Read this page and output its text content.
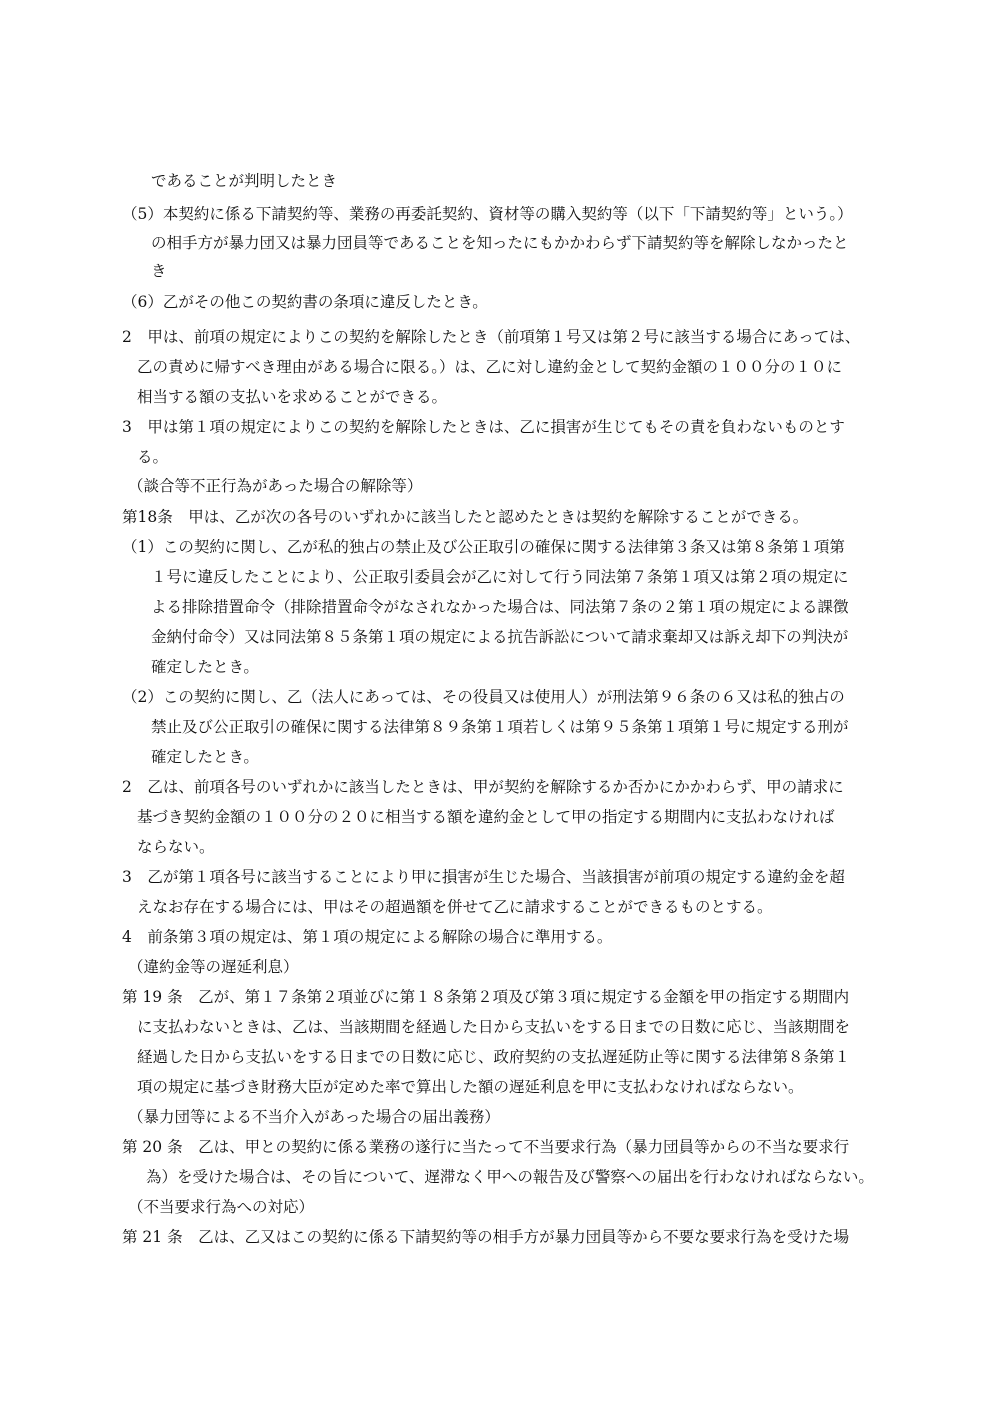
であることが判明したとき
（5）本契約に係る下請契約等、業務の再委託契約、資材等の購入契約等（以下「下請契約等」という。）
の相手方が暴力団又は暴力団員等であることを知ったにもかかわらず下請契約等を解除しなかったと
き
（6）乙がその他この契約書の条項に違反したとき。
2　甲は、前項の規定によりこの契約を解除したとき（前項第１号又は第２号に該当する場合にあっては、
乙の責めに帰すべき理由がある場合に限る。）は、乙に対し違約金として契約金額の１００分の１０に
相当する額の支払いを求めることができる。
3　甲は第１項の規定によりこの契約を解除したときは、乙に損害が生じてもその責を負わないものとす
る。
（談合等不正行為があった場合の解除等）
第18条　甲は、乙が次の各号のいずれかに該当したと認めたときは契約を解除することができる。
（1）この契約に関し、乙が私的独占の禁止及び公正取引の確保に関する法律第３条又は第８条第１項第
１号に違反したことにより、公正取引委員会が乙に対して行う同法第７条第１項又は第２項の規定に
よる排除措置命令（排除措置命令がなされなかった場合は、同法第７条の２第１項の規定による課徴
金納付命令）又は同法第８５条第１項の規定による抗告訴訟について請求棄却又は訴え却下の判決が
確定したとき。
（2）この契約に関し、乙（法人にあっては、その役員又は使用人）が刑法第９６条の６又は私的独占の
禁止及び公正取引の確保に関する法律第８９条第１項若しくは第９５条第１項第１号に規定する刑が
確定したとき。
2　乙は、前項各号のいずれかに該当したときは、甲が契約を解除するか否かにかかわらず、甲の請求に
基づき契約金額の１００分の２０に相当する額を違約金として甲の指定する期間内に支払わなければ
ならない。
3　乙が第１項各号に該当することにより甲に損害が生じた場合、当該損害が前項の規定する違約金を超
えなお存在する場合には、甲はその超過額を併せて乙に請求することができるものとする。
4　前条第３項の規定は、第１項の規定による解除の場合に準用する。
（違約金等の遅延利息）
第 19 条　乙が、第１７条第２項並びに第１８条第２項及び第３項に規定する金額を甲の指定する期間内
に支払わないときは、乙は、当該期間を経過した日から支払いをする日までの日数に応じ、当該期間を
経過した日から支払いをする日までの日数に応じ、政府契約の支払遅延防止等に関する法律第８条第１
項の規定に基づき財務大臣が定めた率で算出した額の遅延利息を甲に支払わなければならない。
（暴力団等による不当介入があった場合の届出義務）
第 20 条　乙は、甲との契約に係る業務の遂行に当たって不当要求行為（暴力団員等からの不当な要求行
為）を受けた場合は、その旨について、遅滞なく甲への報告及び警察への届出を行わなければならない。
（不当要求行為への対応）
第 21 条　乙は、乙又はこの契約に係る下請契約等の相手方が暴力団員等から不要な要求行為を受けた場
